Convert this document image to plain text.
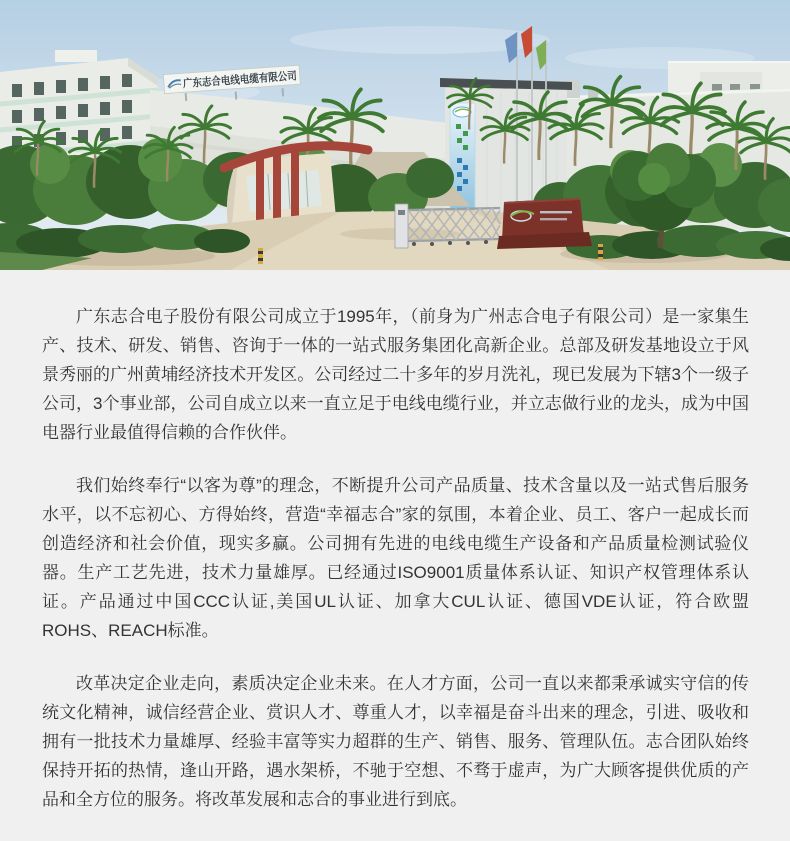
广东志合电线电缆有限公司

广东志合电子股份有限公司成立于1995年，（前身为广州志合电子有限公司）是一家集生产、技术、研发、销售、咨询于一体的一站式服务集团化高新企业。总部及研发基地设立于风景秀丽的广州黄埔经济技术开发区。公司经过二十多年的岁月洗礼，现已发展为下辖3个一级子公司，3个事业部，公司自成立以来一直立足于电线电缆行业，并立志做行业的龙头，成为中国电器行业最值得信赖的合作伙伴。

我们始终奉行“以客为尊”的理念，不断提升公司产品质量、技术含量以及一站式售后服务水平，以不忘初心、方得始终，营造“幸福志合”家的氛围，本着企业、员工、客户一起成长而创造经济和社会价值，现实多赢。公司拥有先进的电线电缆生产设备和产品质量检测试验仪器。生产工艺先进，技术力量雄厚。已经通过ISO9001质量体系认证、知识产权管理体系认证。产品通过中国CCC认证,美国UL认证、加拿大CUL认证、德国VDE认证，符合欧盟ROHS、REACH标准。

改革决定企业走向，素质决定企业未来。在人才方面，公司一直以来都秉承诚实守信的传统文化精神，诚信经营企业、赏识人才、尊重人才，以幸福是奋斗出来的理念，引进、吸收和拥有一批技术力量雄厚、经验丰富等实力超群的生产、销售、服务、管理队伍。志合团队始终保持开拓的热情，逢山开路，遇水架桥，不驰于空想、不骛于虚声，为广大顾客提供优质的产品和全方位的服务。将改革发展和志合的事业进行到底。
